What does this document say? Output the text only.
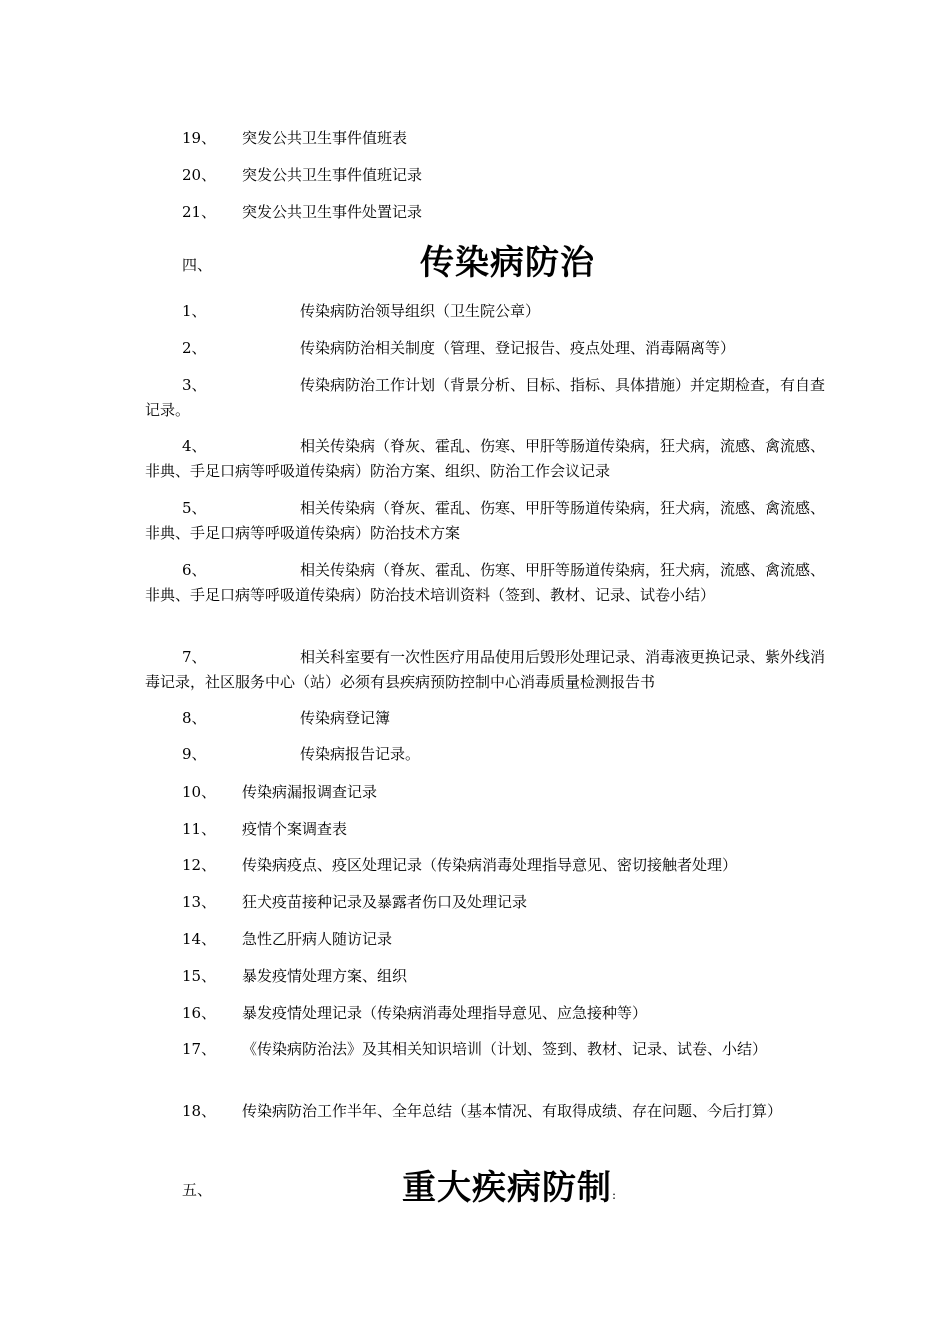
19、 突发公共卫生事件值班表
20、 突发公共卫生事件值班记录
21、 突发公共卫生事件处置记录
四、	传染病防治
1、	传染病防治领导组织（卫生院公章）
2、	传染病防治相关制度（管理、登记报告、疫点处理、消毒隔离等）
3、	传染病防治工作计划（背景分析、目标、指标、具体措施）并定期检查，有自查记录。
4、	相关传染病（脊灰、霍乱、伤寒、甲肝等肠道传染病，狂犬病，流感、禽流感、非典、手足口病等呼吸道传染病）防治方案、组织、防治工作会议记录
5、	相关传染病（脊灰、霍乱、伤寒、甲肝等肠道传染病，狂犬病，流感、禽流感、非典、手足口病等呼吸道传染病）防治技术方案
6、	相关传染病（脊灰、霍乱、伤寒、甲肝等肠道传染病，狂犬病，流感、禽流感、非典、手足口病等呼吸道传染病）防治技术培训资料（签到、教材、记录、试卷小结）
7、	相关科室要有一次性医疗用品使用后毁形处理记录、消毒液更换记录、紫外线消毒记录，社区服务中心（站）必须有县疾病预防控制中心消毒质量检测报告书
8、	传染病登记簿
9、	传染病报告记录。
10、 传染病漏报调查记录
11、 疫情个案调查表
12、 传染病疫点、疫区处理记录（传染病消毒处理指导意见、密切接触者处理）
13、 狂犬疫苗接种记录及暴露者伤口及处理记录
14、 急性乙肝病人随访记录
15、 暴发疫情处理方案、组织
16、 暴发疫情处理记录（传染病消毒处理指导意见、应急接种等）
17、 《传染病防治法》及其相关知识培训（计划、签到、教材、记录、试卷、小结）
18、 传染病防治工作半年、全年总结（基本情况、有取得成绩、存在问题、今后打算）
五、	重大疾病防制:
